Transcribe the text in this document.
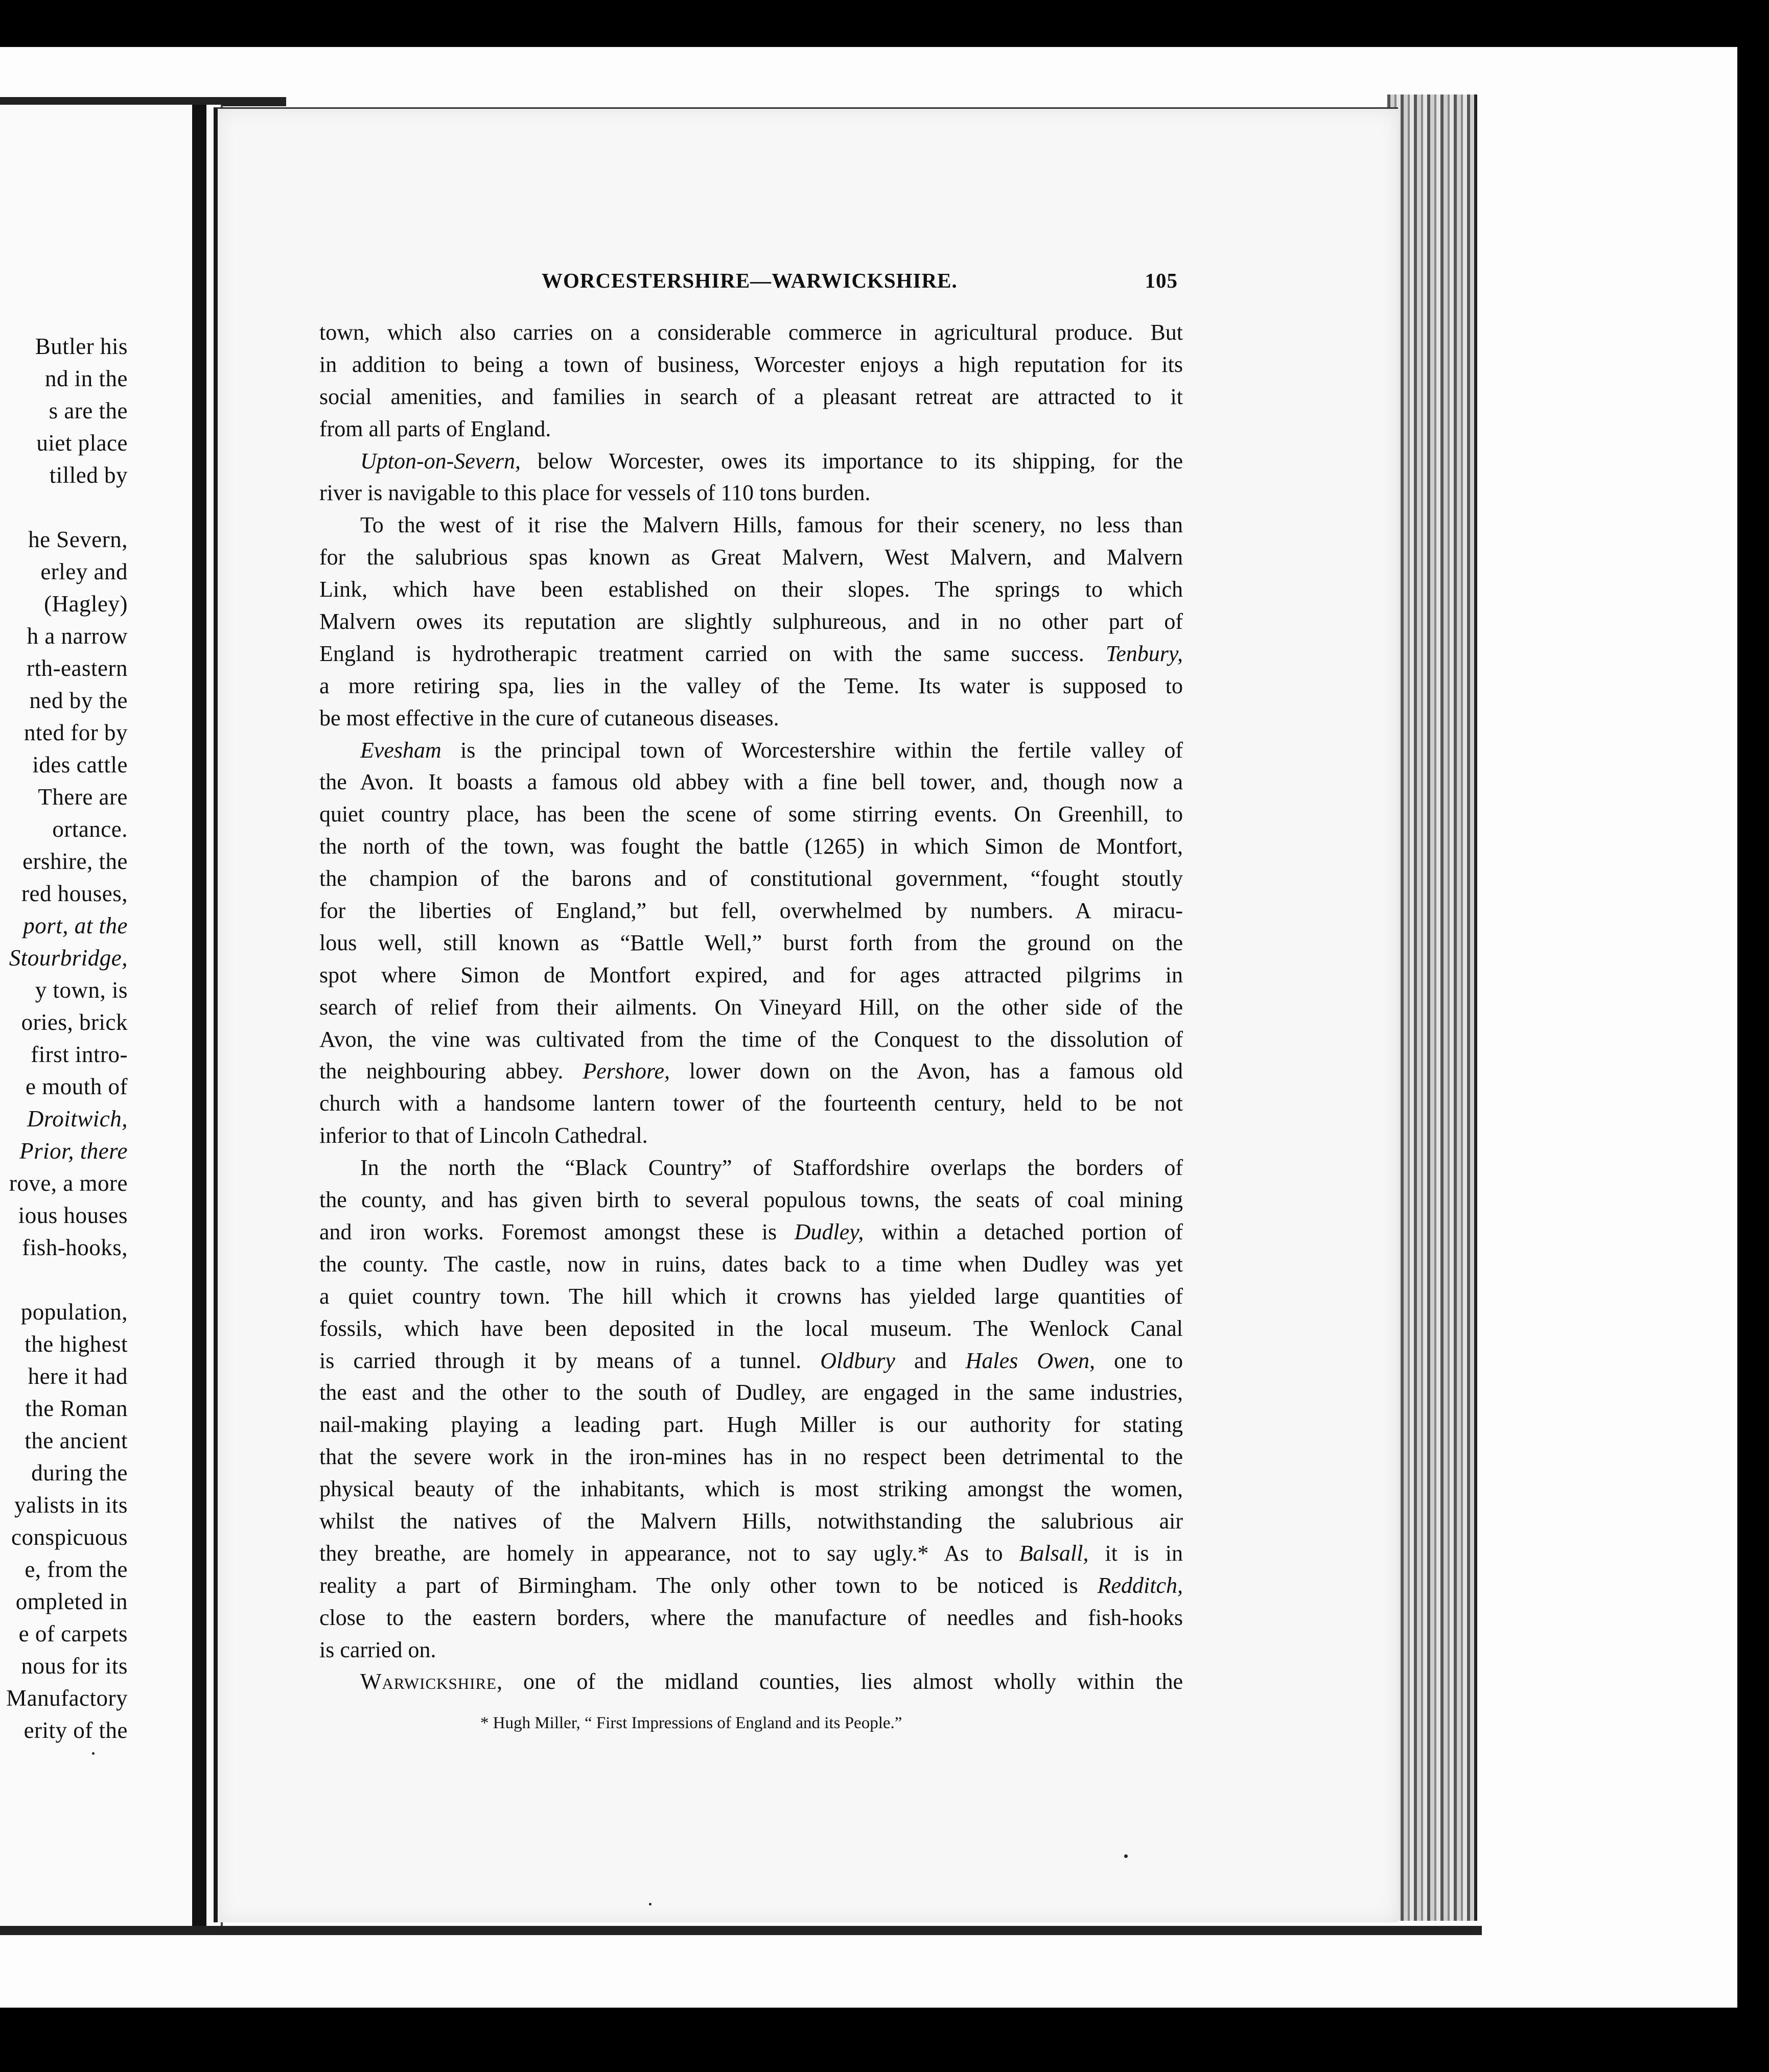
Butler his
nd in the
s are the
uiet place
tilled by
he Severn,
erley and
(Hagley)
h a narrow
rth-eastern
ned by the
nted for by
ides cattle
There are
ortance.
ershire, the
red houses,
port, at the
Stourbridge,
y town, is
ories, brick
first intro-
e mouth of
Droitwich,
Prior, there
rove, a more
ious houses
fish-hooks,
population,
the highest
here it had
the Roman
the ancient
during the
yalists in its
conspicuous
e, from the
ompleted in
e of carpets
nous for its
Manufactory
erity of the
WORCESTERSHIRE—WARWICKSHIRE.	105

town, which also carries on a considerable commerce in agricultural produce. But
in addition to being a town of business, Worcester enjoys a high reputation for its
social amenities, and families in search of a pleasant retreat are attracted to it
from all parts of England.

Upton-on-Severn, below Worcester, owes its importance to its shipping, for the
river is navigable to this place for vessels of 110 tons burden.

To the west of it rise the Malvern Hills, famous for their scenery, no less than
for the salubrious spas known as Great Malvern, West Malvern, and Malvern
Link, which have been established on their slopes. The springs to which
Malvern owes its reputation are slightly sulphureous, and in no other part of
England is hydrotherapic treatment carried on with the same success. Tenbury,
a more retiring spa, lies in the valley of the Teme. Its water is supposed to
be most effective in the cure of cutaneous diseases.

Evesham is the principal town of Worcestershire within the fertile valley of
the Avon. It boasts a famous old abbey with a fine bell tower, and, though now a
quiet country place, has been the scene of some stirring events. On Greenhill, to
the north of the town, was fought the battle (1265) in which Simon de Montfort,
the champion of the barons and of constitutional government, “fought stoutly
for the liberties of England,” but fell, overwhelmed by numbers. A miracu-
lous well, still known as “Battle Well,” burst forth from the ground on the
spot where Simon de Montfort expired, and for ages attracted pilgrims in
search of relief from their ailments. On Vineyard Hill, on the other side of the
Avon, the vine was cultivated from the time of the Conquest to the dissolution of
the neighbouring abbey. Pershore, lower down on the Avon, has a famous old
church with a handsome lantern tower of the fourteenth century, held to be not
inferior to that of Lincoln Cathedral.

In the north the “Black Country” of Staffordshire overlaps the borders of
the county, and has given birth to several populous towns, the seats of coal mining
and iron works. Foremost amongst these is Dudley, within a detached portion of
the county. The castle, now in ruins, dates back to a time when Dudley was yet
a quiet country town. The hill which it crowns has yielded large quantities of
fossils, which have been deposited in the local museum. The Wenlock Canal
is carried through it by means of a tunnel. Oldbury and Hales Owen, one to
the east and the other to the south of Dudley, are engaged in the same industries,
nail-making playing a leading part. Hugh Miller is our authority for stating
that the severe work in the iron-mines has in no respect been detrimental to the
physical beauty of the inhabitants, which is most striking amongst the women,
whilst the natives of the Malvern Hills, notwithstanding the salubrious air
they breathe, are homely in appearance, not to say ugly.* As to Balsall, it is in
reality a part of Birmingham. The only other town to be noticed is Redditch,
close to the eastern borders, where the manufacture of needles and fish-hooks
is carried on.

Warwickshire, one of the midland counties, lies almost wholly within the

* Hugh Miller, “ First Impressions of England and its People.”
